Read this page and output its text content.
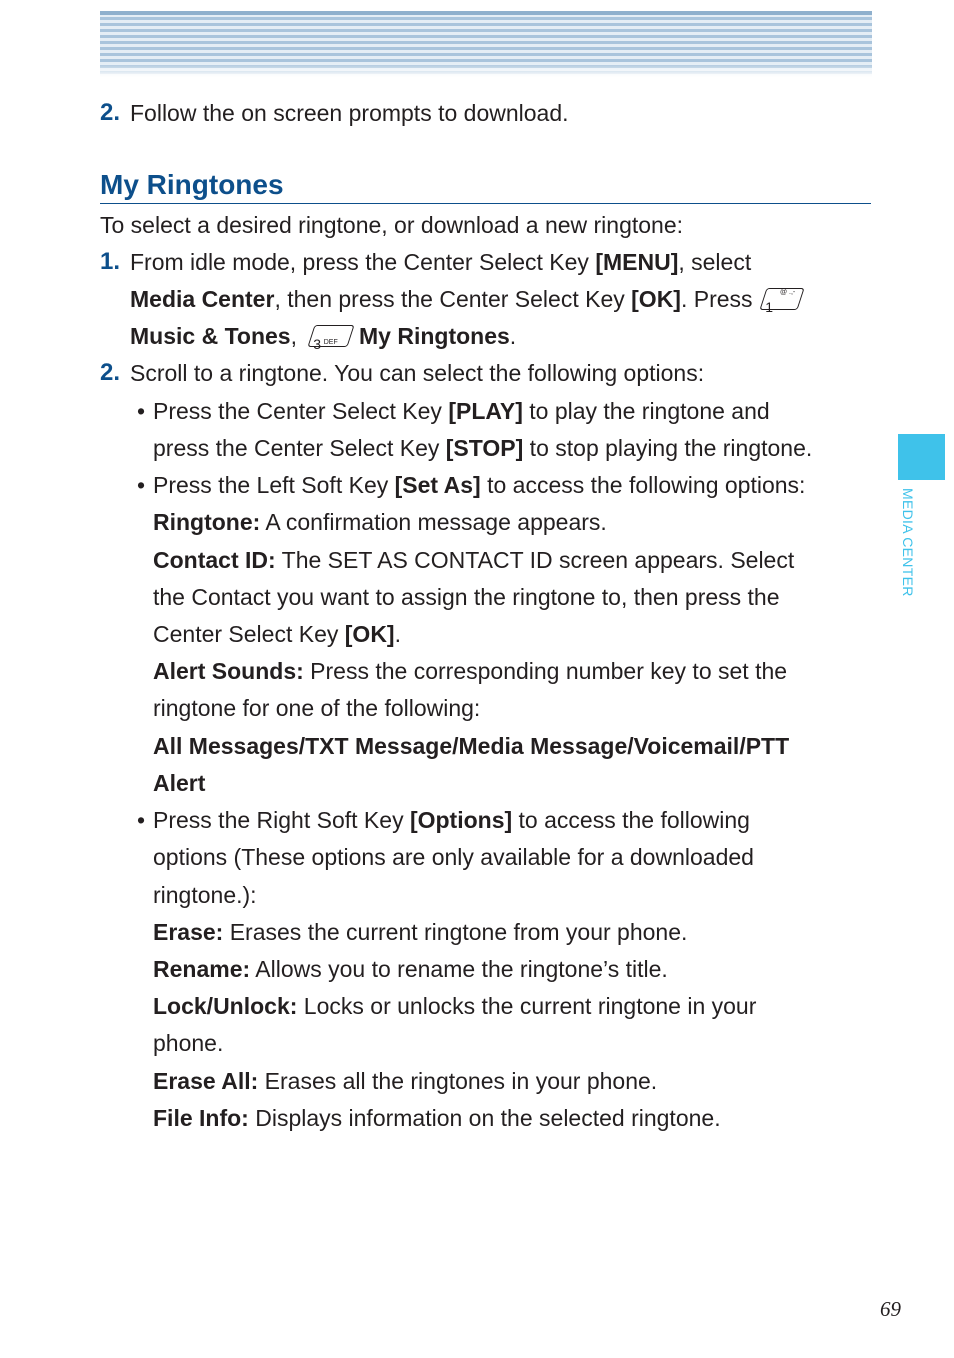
2. Follow the on screen prompts to download.
My Ringtones
To select a desired ringtone, or download a new ringtone:
1. From idle mode, press the Center Select Key [MENU], select
Media Center, then press the Center Select Key [OK]. Press 1@ .,-
Music & Tones, 3 DEF My Ringtones.
2. Scroll to a ringtone. You can select the following options:
• Press the Center Select Key [PLAY] to play the ringtone and
press the Center Select Key [STOP] to stop playing the ringtone.
• Press the Left Soft Key [Set As] to access the following options:
Ringtone: A confirmation message appears.
Contact ID: The SET AS CONTACT ID screen appears. Select
the Contact you want to assign the ringtone to, then press the
Center Select Key [OK].
Alert Sounds: Press the corresponding number key to set the
ringtone for one of the following:
All Messages/TXT Message/Media Message/Voicemail/PTT
Alert
• Press the Right Soft Key [Options] to access the following
options (These options are only available for a downloaded
ringtone.):
Erase: Erases the current ringtone from your phone.
Rename: Allows you to rename the ringtone’s title.
Lock/Unlock: Locks or unlocks the current ringtone in your
phone.
Erase All: Erases all the ringtones in your phone.
File Info: Displays information on the selected ringtone.
MEDIA CENTER
69
